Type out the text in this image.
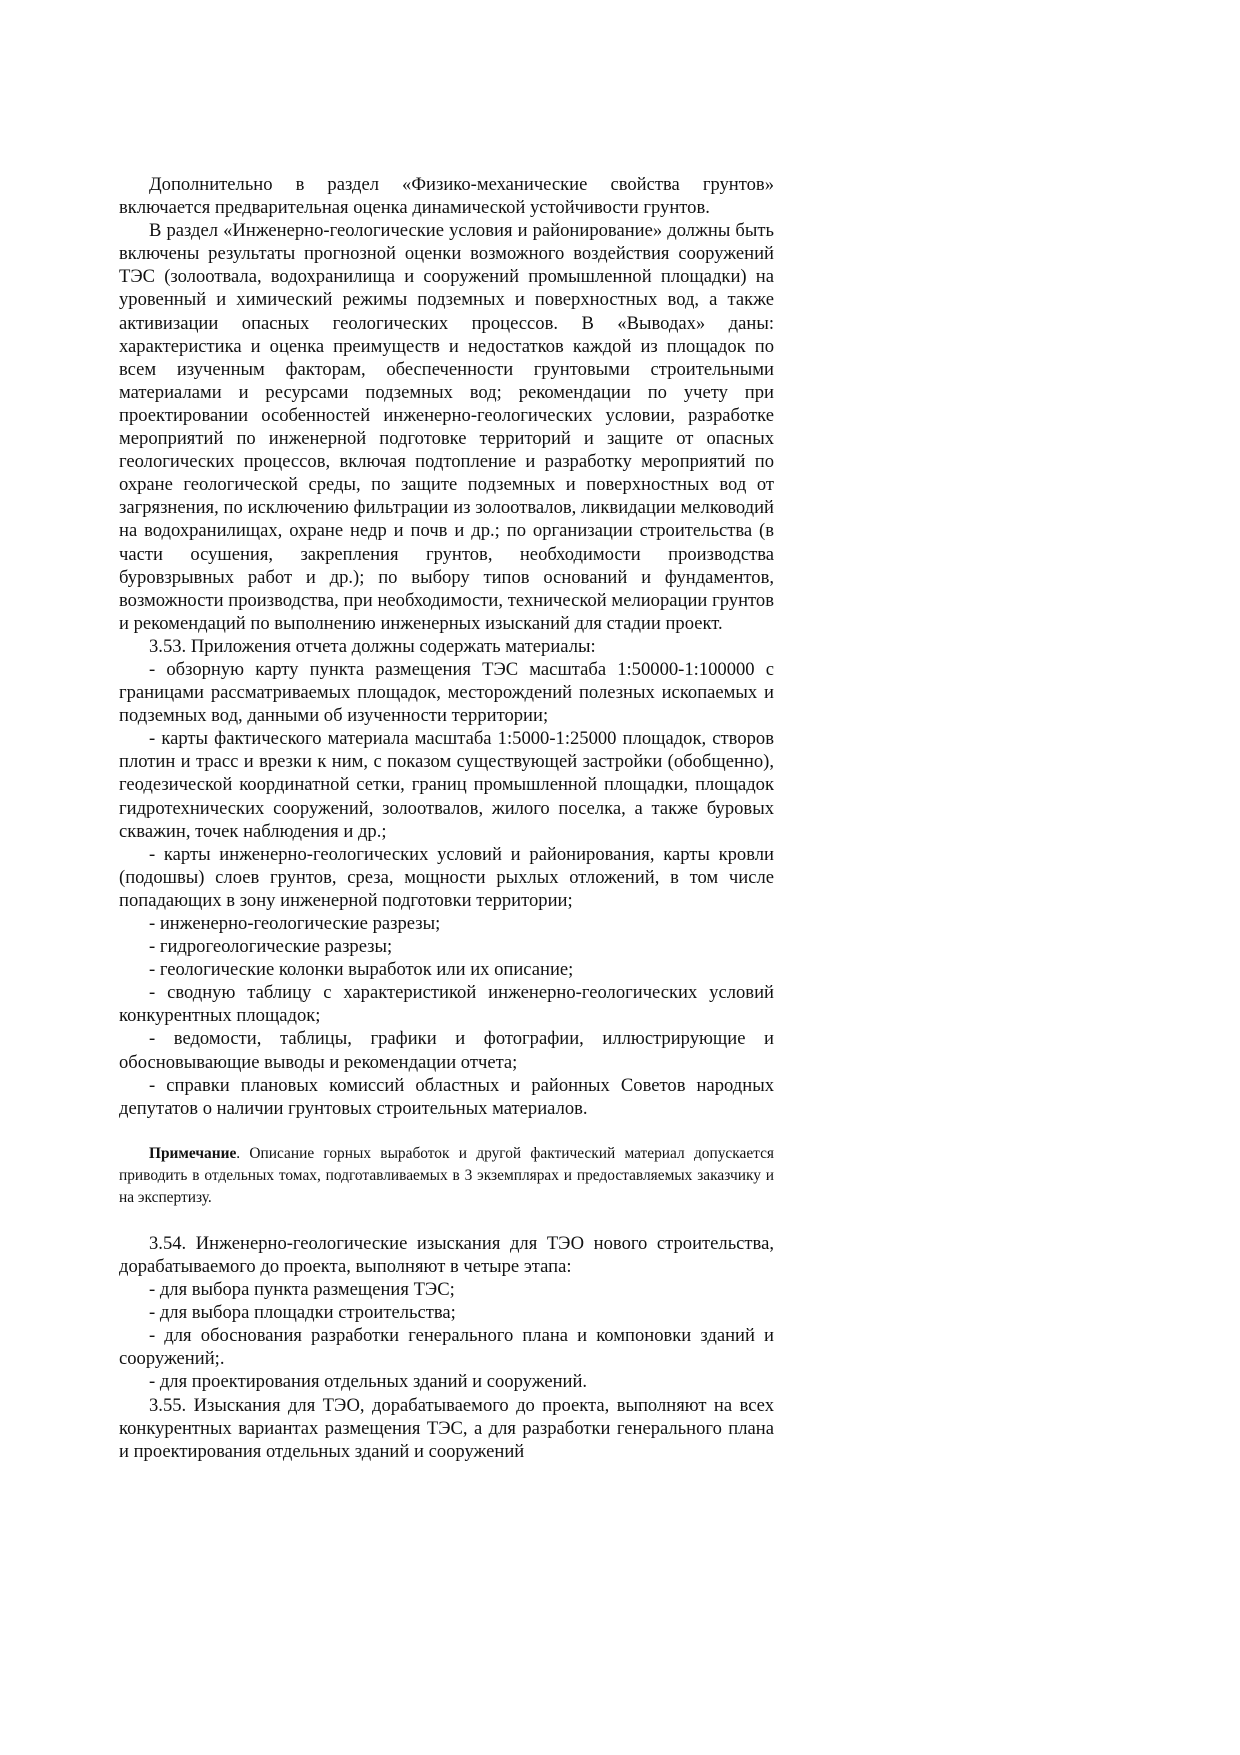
Дополнительно в раздел «Физико-механические свойства грунтов» включается предварительная оценка динамической устойчивости грунтов.

В раздел «Инженерно-геологические условия и районирование» должны быть включены результаты прогнозной оценки возможного воздействия сооружений ТЭС (золоотвала, водохранилища и сооружений промышленной площадки) на уровенный и химический режимы подземных и поверхностных вод, а также активизации опасных геологических процессов. В «Выводах» даны: характеристика и оценка преимуществ и недостатков каждой из площадок по всем изученным факторам, обеспеченности грунтовыми строительными материалами и ресурсами подземных вод; рекомендации по учету при проектировании особенностей инженерно-геологических условии, разработке мероприятий по инженерной подготовке территорий и защите от опасных геологических процессов, включая подтопление и разработку мероприятий по охране геологической среды, по защите подземных и поверхностных вод от загрязнения, по исключению фильтрации из золоотвалов, ликвидации мелководий на водохранилищах, охране недр и почв и др.; по организации строительства (в части осушения, закрепления грунтов, необходимости производства буровзрывных работ и др.); по выбору типов оснований и фундаментов, возможности производства, при необходимости, технической мелиорации грунтов и рекомендаций по выполнению инженерных изысканий для стадии проект.

3.53. Приложения отчета должны содержать материалы:

- обзорную карту пункта размещения ТЭС масштаба 1:50000-1:100000 с границами рассматриваемых площадок, месторождений полезных ископаемых и подземных вод, данными об изученности территории;

- карты фактического материала масштаба 1:5000-1:25000 площадок, створов плотин и трасс и врезки к ним, с показом существующей застройки (обобщенно), геодезической координатной сетки, границ промышленной площадки, площадок гидротехнических сооружений, золоотвалов, жилого поселка, а также буровых скважин, точек наблюдения и др.;

- карты инженерно-геологических условий и районирования, карты кровли (подошвы) слоев грунтов, среза, мощности рыхлых отложений, в том числе попадающих в зону инженерной подготовки территории;

- инженерно-геологические разрезы;

- гидрогеологические разрезы;

- геологические колонки выработок или их описание;

- сводную таблицу с характеристикой инженерно-геологических условий конкурентных площадок;

- ведомости, таблицы, графики и фотографии, иллюстрирующие и обосновывающие выводы и рекомендации отчета;

- справки плановых комиссий областных и районных Советов народных депутатов о наличии грунтовых строительных материалов.

Примечание. Описание горных выработок и другой фактический материал допускается приводить в отдельных томах, подготавливаемых в 3 экземплярах и предоставляемых заказчику и на экспертизу.

3.54. Инженерно-геологические изыскания для ТЭО нового строительства, дорабатываемого до проекта, выполняют в четыре этапа:

- для выбора пункта размещения ТЭС;

- для выбора площадки строительства;

- для обоснования разработки генерального плана и компоновки зданий и сооружений;.

- для проектирования отдельных зданий и сооружений.

3.55. Изыскания для ТЭО, дорабатываемого до проекта, выполняют на всех конкурентных вариантах размещения ТЭС, а для разработки генерального плана и проектирования отдельных зданий и сооружений
